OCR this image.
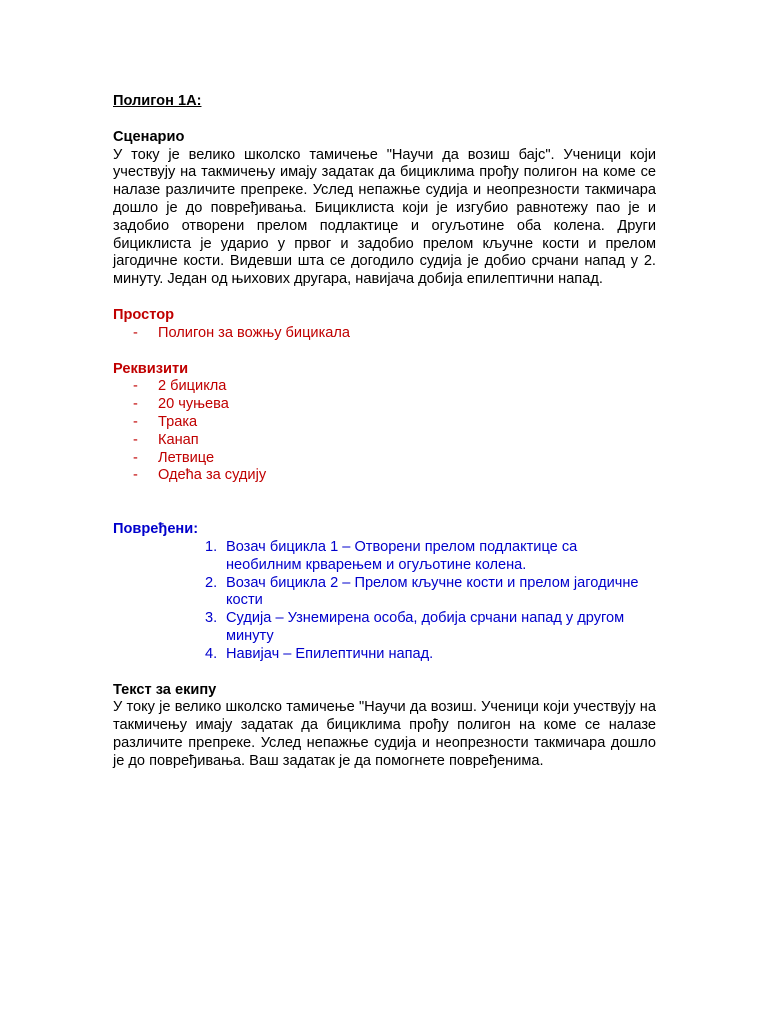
Полигон 1А:

Сценарио

У току је велико школско тамичење "Научи да возиш бајс". Ученици који учествују на такмичењу имају задатак да бициклима прођу полигон на коме се налазе различите препреке. Услед непажње судија и неопрезности такмичара дошло је до повређивања. Бициклиста који је изгубио равнотежу пао је и задобио отворени прелом подлактице и огуљотине оба колена. Други бициклиста је ударио у првог и задобио прелом кључне кости и прелом јагодичне кости. Видевши шта се догодило судија је добио срчани напад у 2. минуту. Један од њихових другара, навијача добија епилептични напад.

Простор

- Полигон за вожњу бицикала

Реквизити

- 2 бицикла
- 20 чуњева
- Трака
- Канап
- Летвице
- Одећа за судију

Повређени:

1. Возач бицикла 1 – Отворени прелом подлактице са необилним крварењем и огуљотине колена.
2. Возач бицикла 2 – Прелом кључне кости и прелом јагодичне кости
3. Судија – Узнемирена особа, добија срчани напад у другом минуту
4. Навијач – Епилептични напад.

Текст за екипу

У току је велико школско тамичење "Научи да возиш. Ученици који учествују на такмичењу имају задатак да бициклима прођу полигон на коме се налазе различите препреке. Услед непажње судија и неопрезности такмичара дошло је до повређивања. Ваш задатак је да помогнете повређенима.
